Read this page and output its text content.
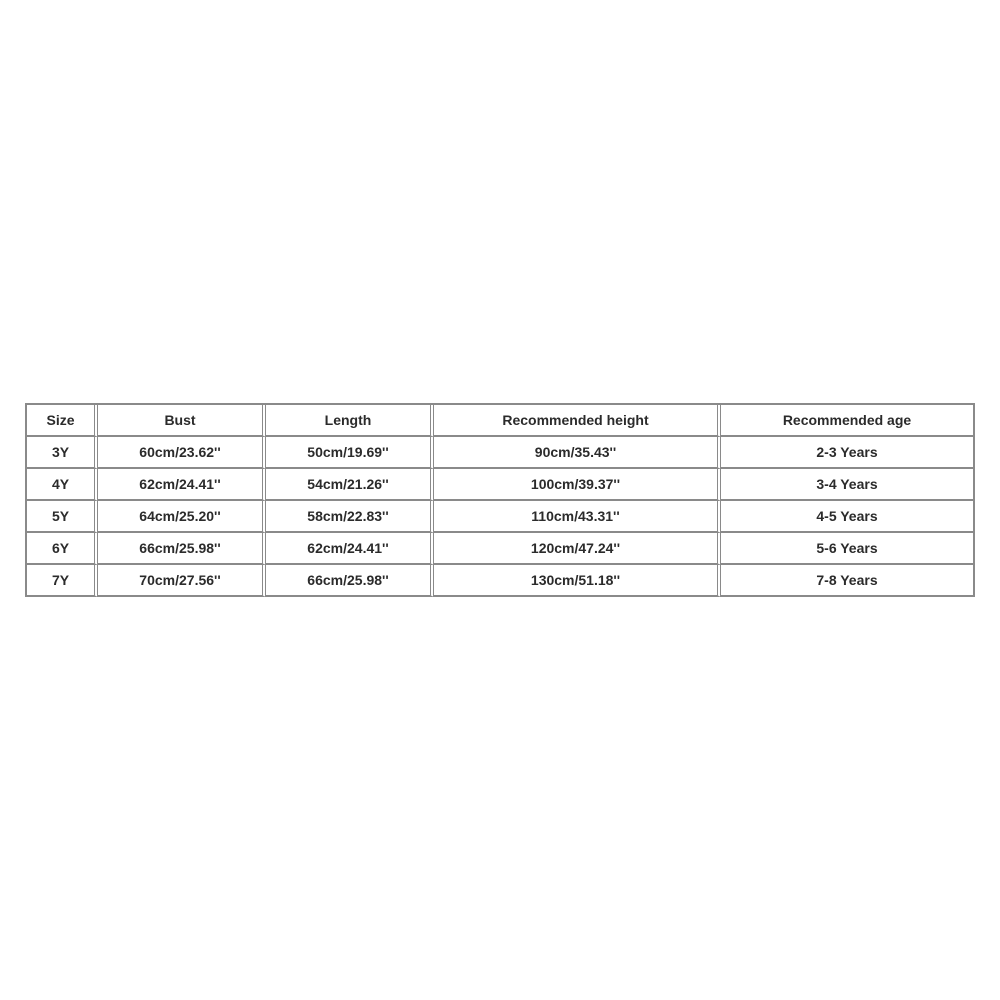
Size	Bust	Length	Recommended height	Recommended age
3Y	60cm/23.62''	50cm/19.69''	90cm/35.43''	2-3 Years
4Y	62cm/24.41''	54cm/21.26''	100cm/39.37''	3-4 Years
5Y	64cm/25.20''	58cm/22.83''	110cm/43.31''	4-5 Years
6Y	66cm/25.98''	62cm/24.41''	120cm/47.24''	5-6 Years
7Y	70cm/27.56''	66cm/25.98''	130cm/51.18''	7-8 Years
